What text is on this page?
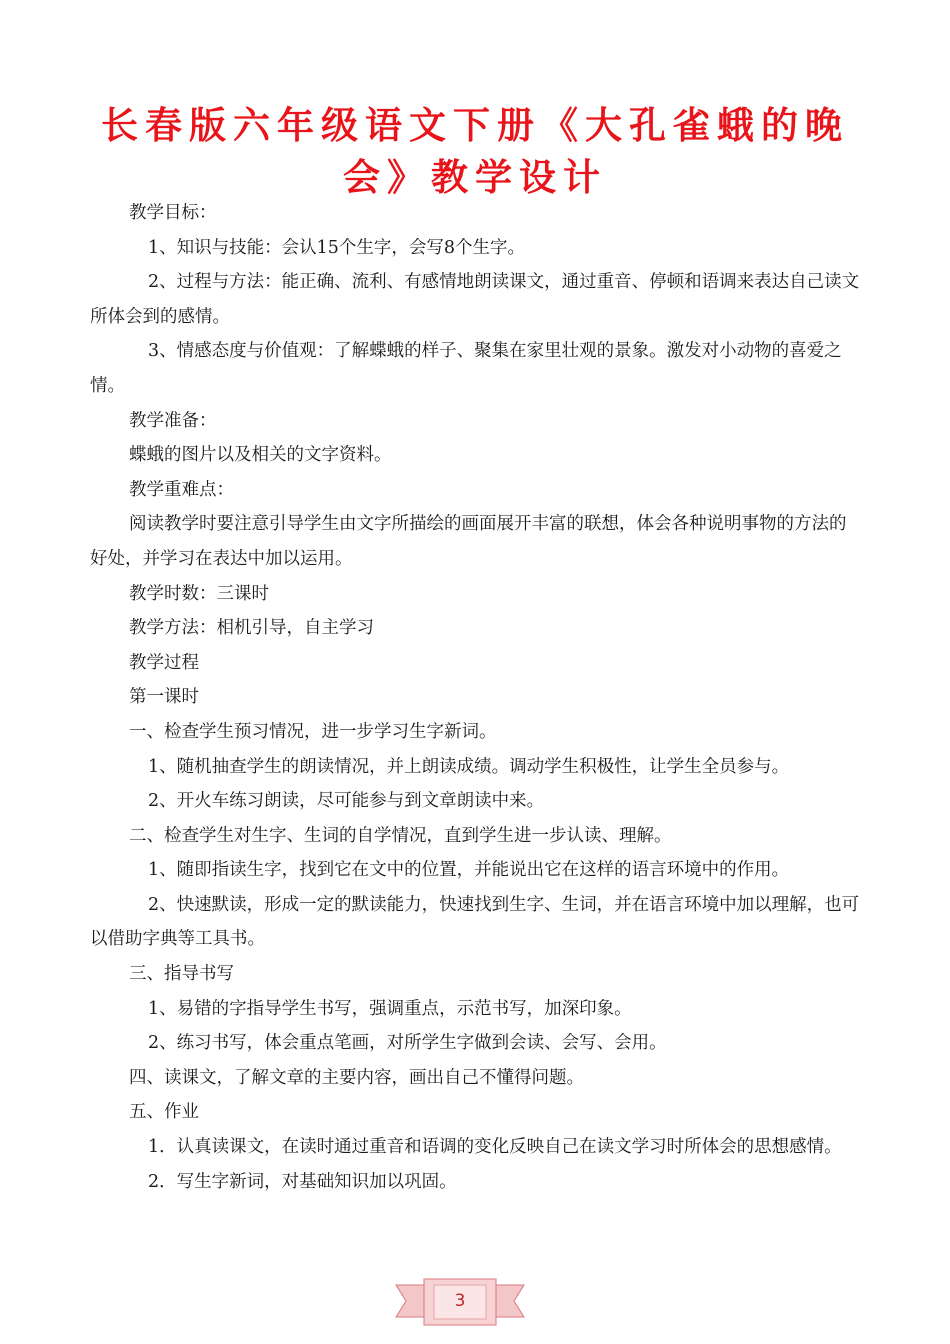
长春版六年级语文下册《大孔雀蛾的晚会》教学设计

教学目标：

1、知识与技能：会认15个生字，会写8个生字。

2、过程与方法：能正确、流利、有感情地朗读课文，通过重音、停顿和语调来表达自己读文所体会到的感情。

3、情感态度与价值观：了解蝶蛾的样子、聚集在家里壮观的景象。激发对小动物的喜爱之情。

教学准备：

蝶蛾的图片以及相关的文字资料。

教学重难点：

阅读教学时要注意引导学生由文字所描绘的画面展开丰富的联想，体会各种说明事物的方法的好处，并学习在表达中加以运用。

教学时数：三课时

教学方法：相机引导，自主学习

教学过程

第一课时

一、检查学生预习情况，进一步学习生字新词。

1、随机抽查学生的朗读情况，并上朗读成绩。调动学生积极性，让学生全员参与。

2、开火车练习朗读，尽可能参与到文章朗读中来。

二、检查学生对生字、生词的自学情况，直到学生进一步认读、理解。

1、随即指读生字，找到它在文中的位置，并能说出它在这样的语言环境中的作用。

2、快速默读，形成一定的默读能力，快速找到生字、生词，并在语言环境中加以理解，也可以借助字典等工具书。

三、指导书写

1、易错的字指导学生书写，强调重点，示范书写，加深印象。

2、练习书写，体会重点笔画，对所学生字做到会读、会写、会用。

四、读课文，了解文章的主要内容，画出自己不懂得问题。

五、作业

1．认真读课文，在读时通过重音和语调的变化反映自己在读文学习时所体会的思想感情。

2．写生字新词，对基础知识加以巩固。

3
